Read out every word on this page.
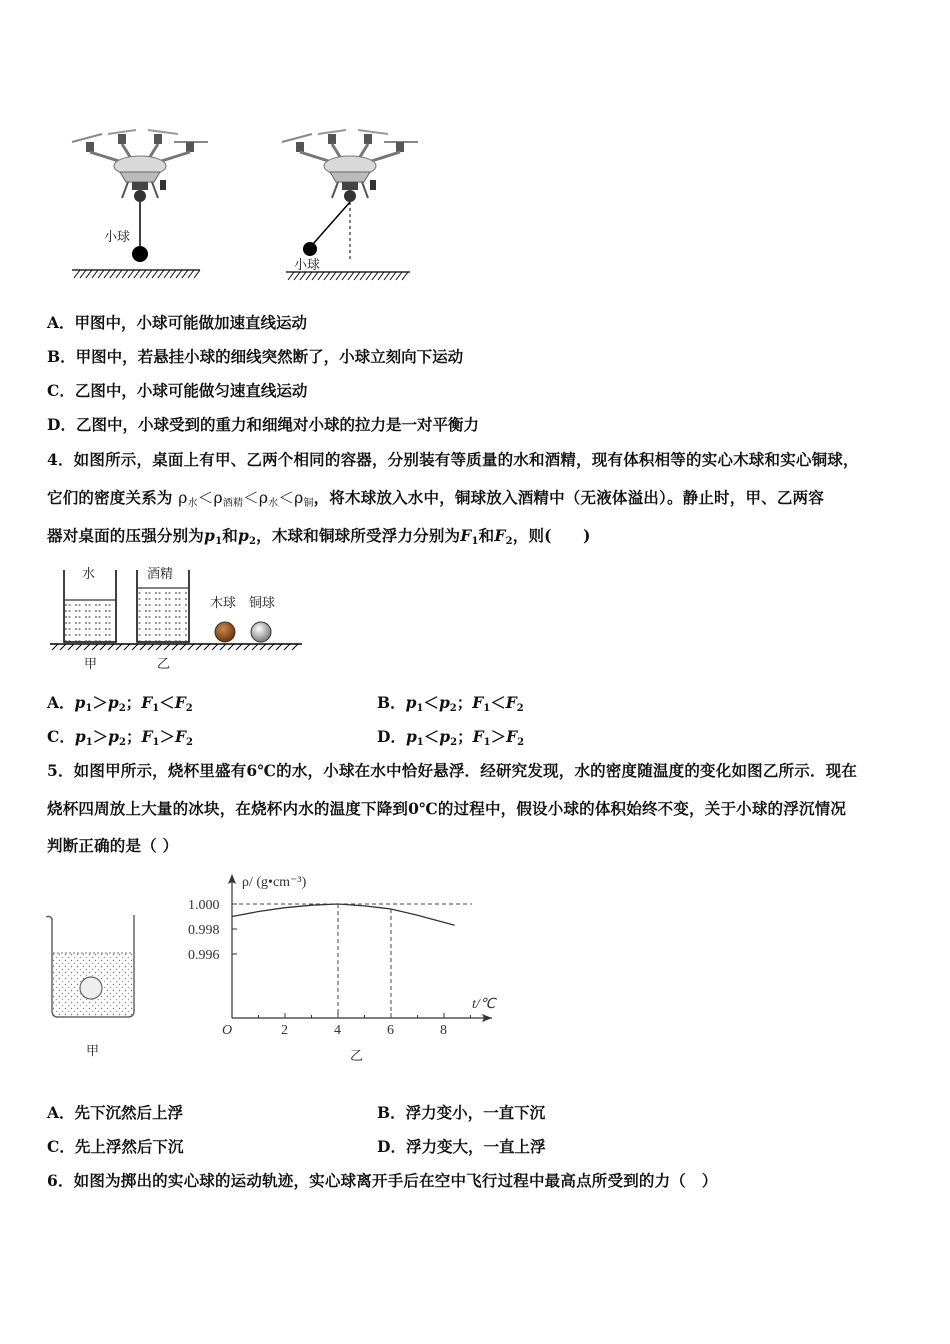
小球
小球
A．甲图中，小球可能做加速直线运动
B．甲图中，若悬挂小球的细线突然断了，小球立刻向下运动
C．乙图中，小球可能做匀速直线运动
D．乙图中，小球受到的重力和细绳对小球的拉力是一对平衡力
4．如图所示，桌面上有甲、乙两个相同的容器，分别装有等质量的水和酒精，现有体积相等的实心木球和实心铜球，
它们的密度关系为 $\rho_水<\rho_{酒精}<\rho_水<\rho_铜$，将木球放入水中，铜球放入酒精中（无液体溢出）。静止时，甲、乙两容
器对桌面的压强分别为$p_1$和$p_2$，木球和铜球所受浮力分别为$F_1$和$F_2$，则(　　)
水	酒精
木球 铜球
甲	乙
A．$p_1>p_2$；$F_1<F_2$	B．$p_1<p_2$；$F_1<F_2$
C．$p_1>p_2$；$F_1>F_2$	D．$p_1<p_2$；$F_1>F_2$
5．如图甲所示，烧杯里盛有6℃的水，小球在水中恰好悬浮．经研究发现，水的密度随温度的变化如图乙所示．现在
烧杯四周放上大量的冰块，在烧杯内水的温度下降到0℃的过程中，假设小球的体积始终不变，关于小球的浮沉情况
判断正确的是（ ）
甲
ρ/ (g•cm⁻³)
t/℃
O
乙
2	4	6	8
1.000
0.998
0.996
A．先下沉然后上浮	B．浮力变小，一直下沉
C．先上浮然后下沉	D．浮力变大，一直上浮
6．如图为掷出的实心球的运动轨迹，实心球离开手后在空中飞行过程中最高点所受到的力（　）
